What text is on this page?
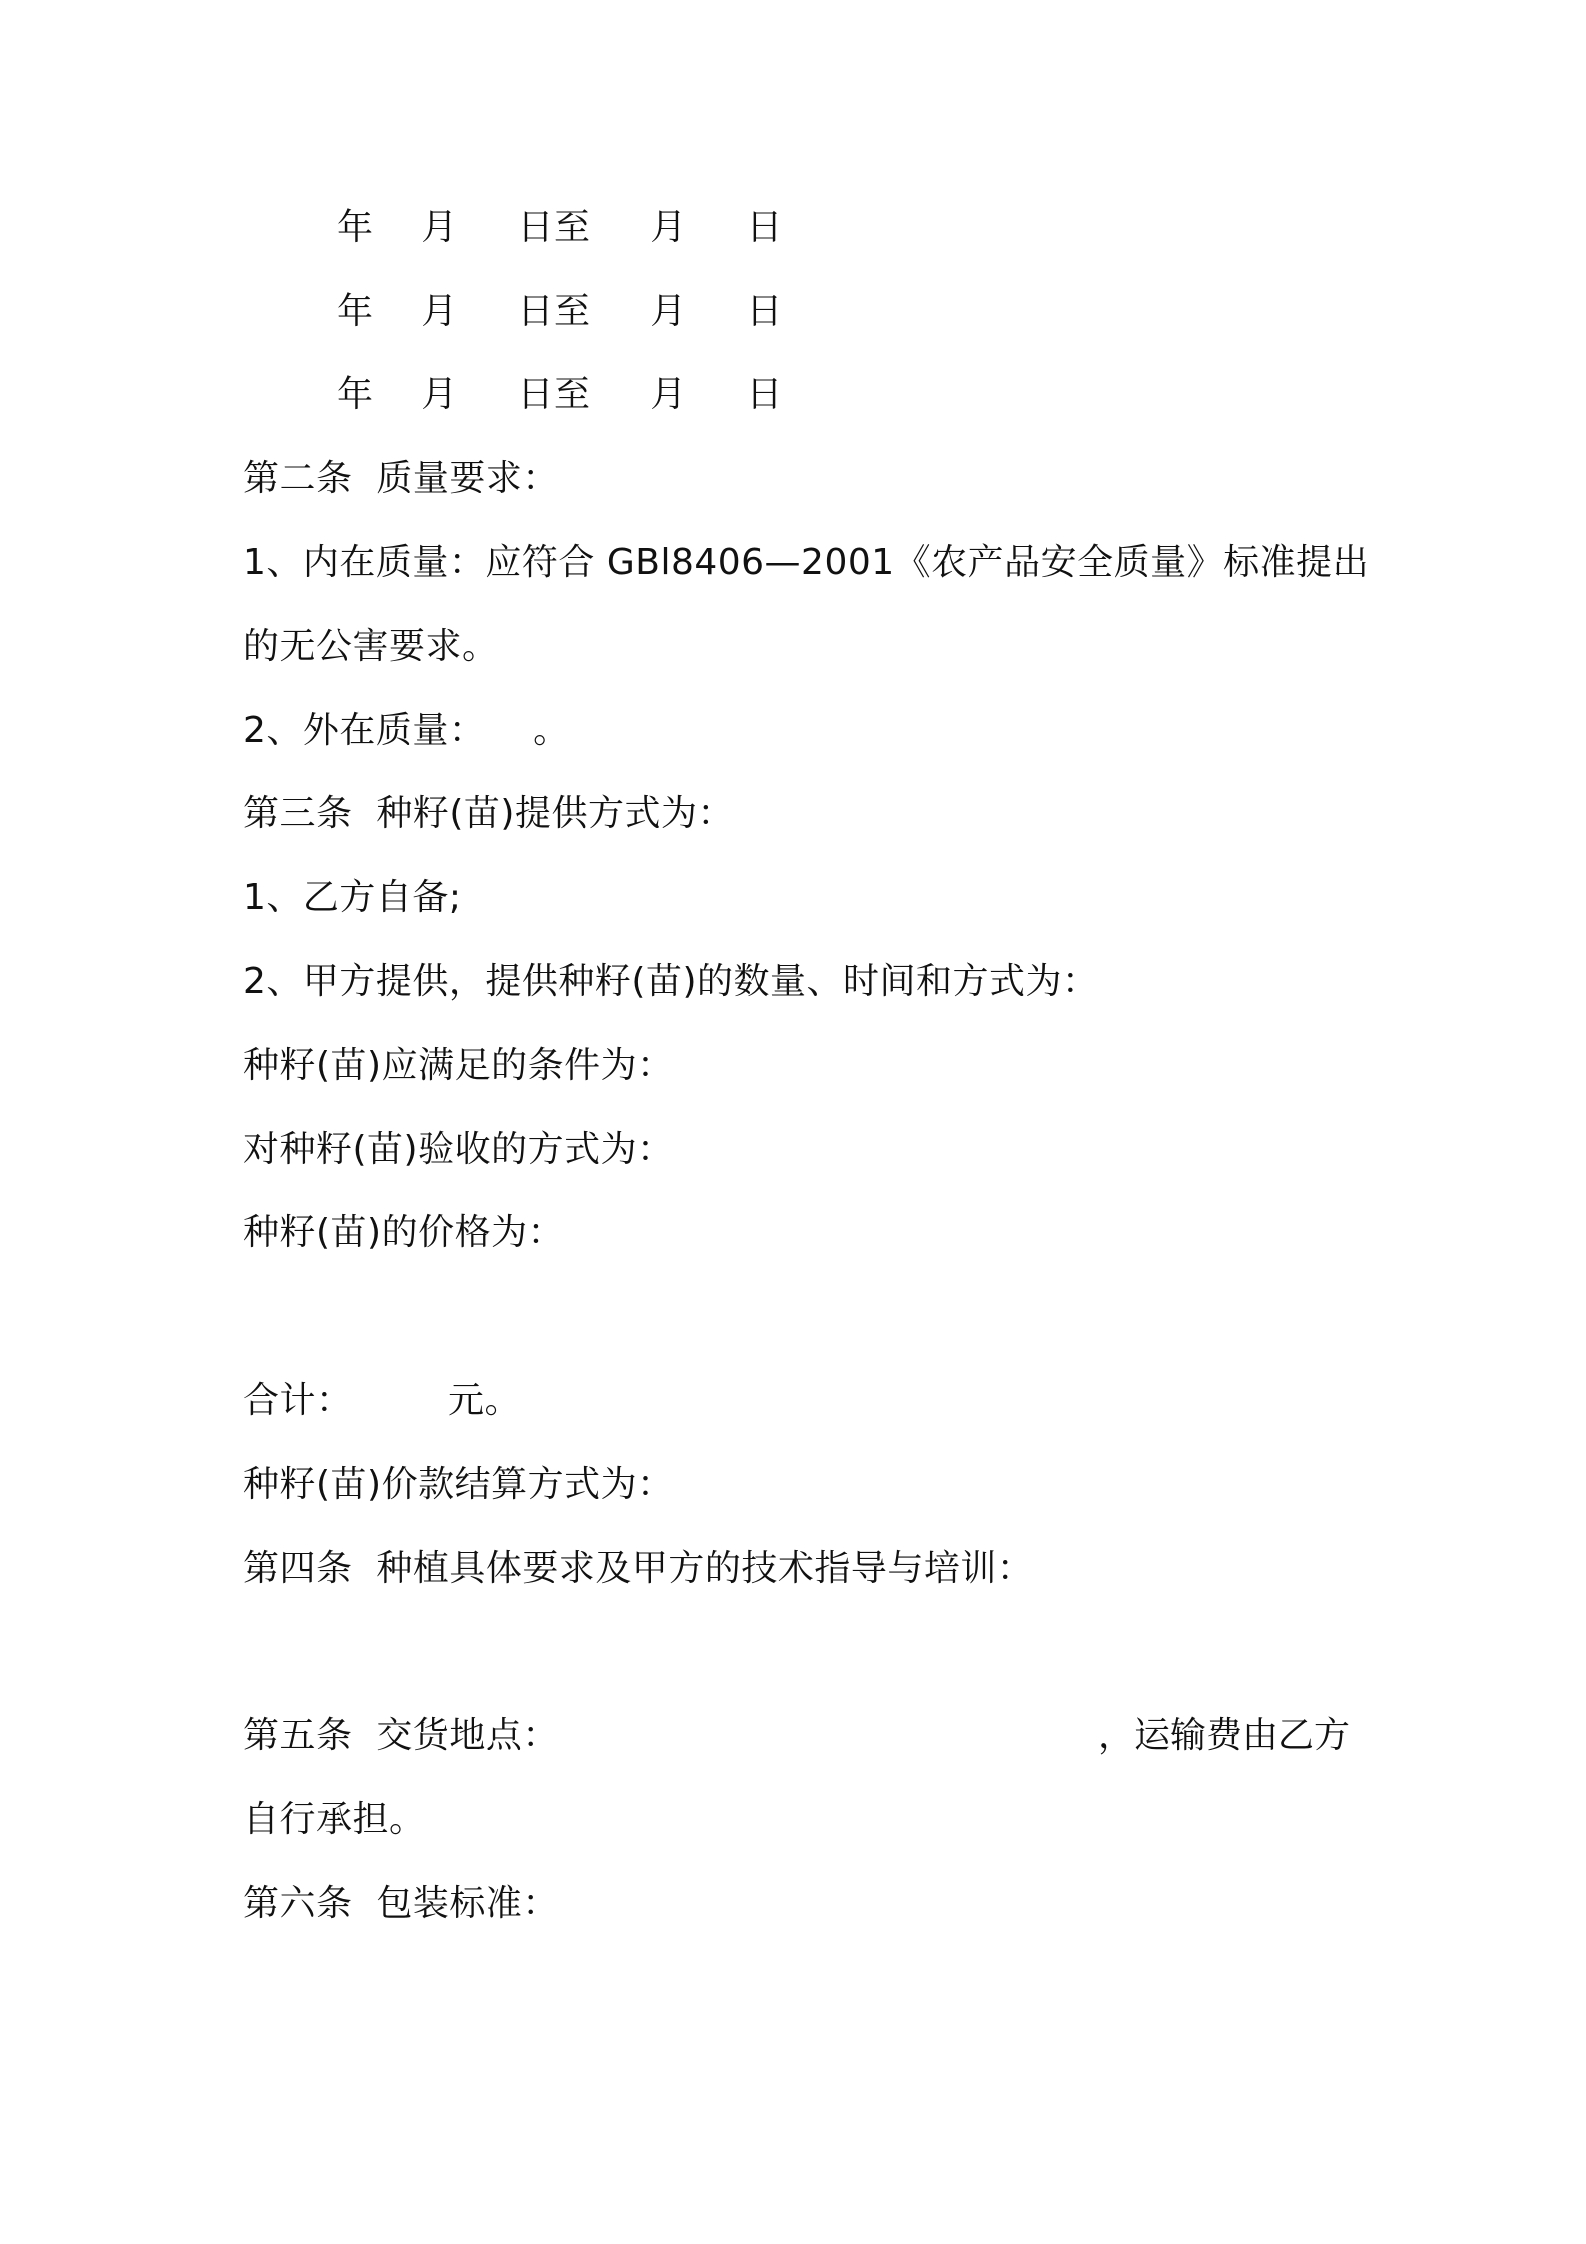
年    月     日至     月     日
年    月     日至     月     日
年    月     日至     月     日
第二条  质量要求：
1、内在质量：应符合 GBl8406—2001《农产品安全质量》标准提出
的无公害要求。
2、外在质量：    。
第三条  种籽(苗)提供方式为：
1、乙方自备;
2、甲方提供，提供种籽(苗)的数量、时间和方式为：
种籽(苗)应满足的条件为：
对种籽(苗)验收的方式为：
种籽(苗)的价格为：
合计：        元。
种籽(苗)价款结算方式为：
第四条  种植具体要求及甲方的技术指导与培训：
第五条  交货地点：	，运输费由乙方
自行承担。
第六条  包装标准：
